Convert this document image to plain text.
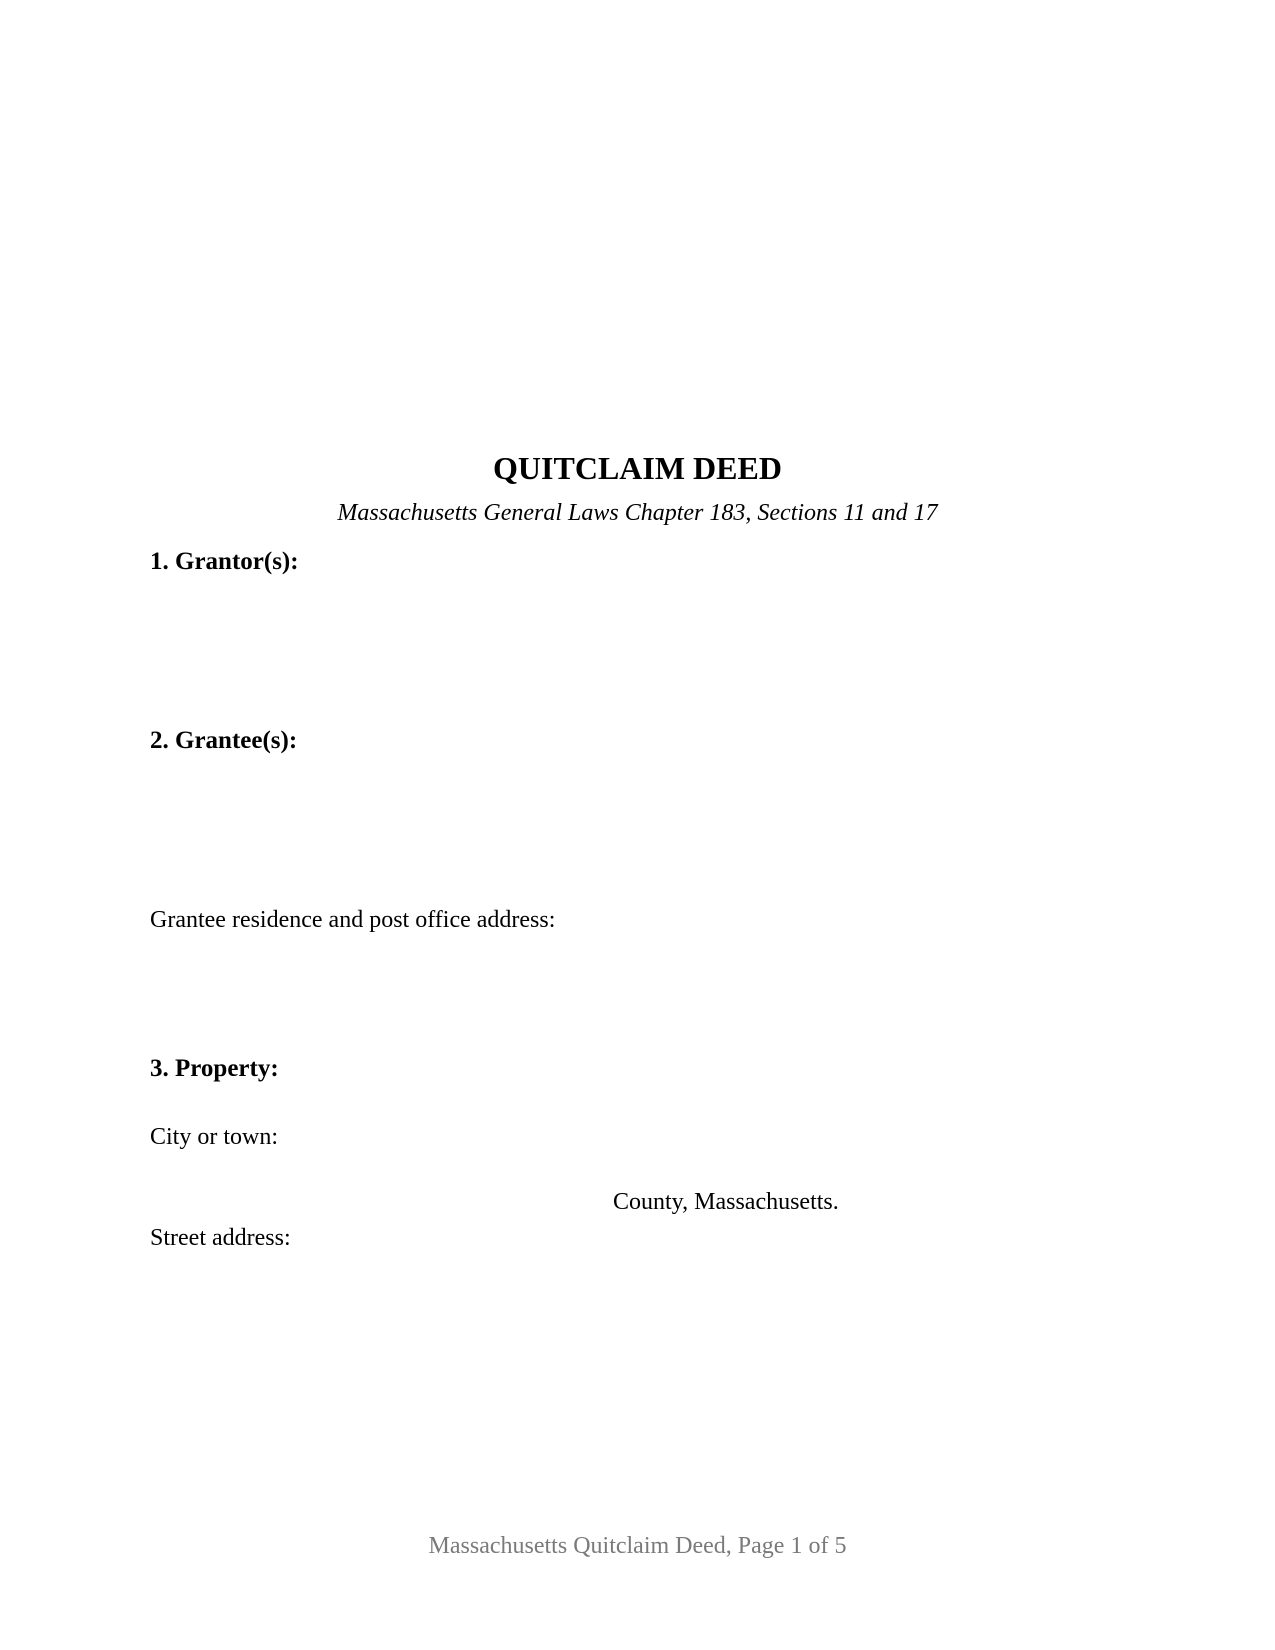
QUITCLAIM DEED
Massachusetts General Laws Chapter 183, Sections 11 and 17
1. Grantor(s):
2. Grantee(s):
Grantee residence and post office address:
3. Property:
City or town:
County, Massachusetts.
Street address:
Massachusetts Quitclaim Deed, Page 1 of 5
